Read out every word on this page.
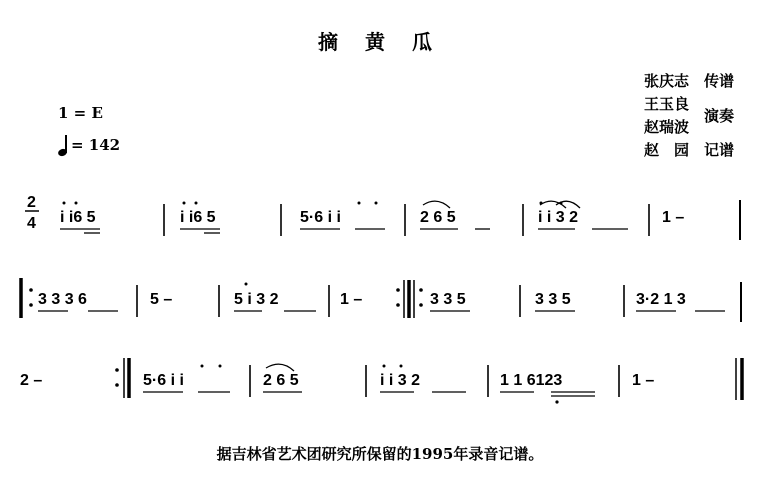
摘 黄 瓜
张庆志 传谱
王玉良
演奏
赵瑞波
赵　园 记谱
1 = E
= 142
2
4 i i6 5	i i6 5	5·6 i i	2 6 5	i i 3 2	1 –
3 3 3 6	5 –	5 i 3 2	1 –	3 3 5	3 3 5	3·2 1 3
2 –	5·6 i i	2 6 5	i i 3 2	1 1 6123	1 –
据吉林省艺术团研究所保留的1995年录音记谱。
